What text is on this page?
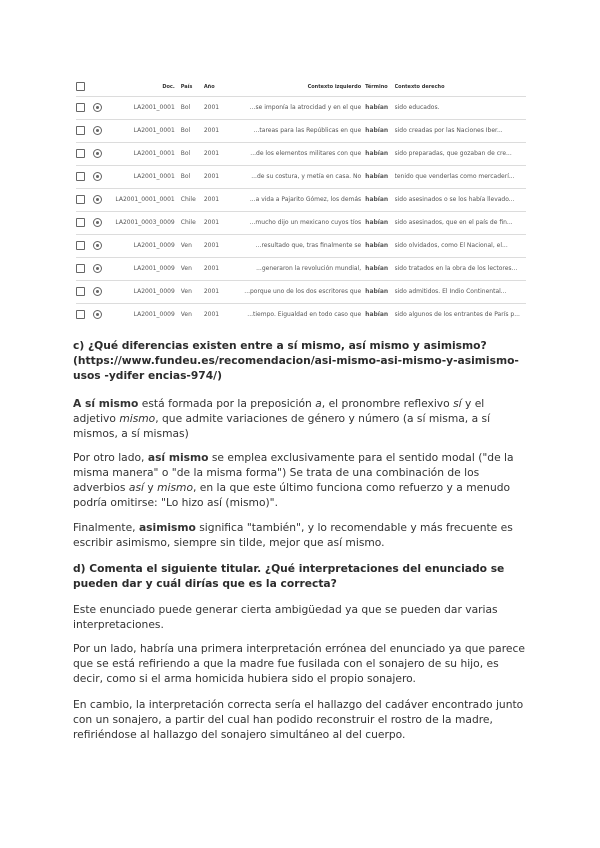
		Doc.	País	Año	Contexto izquierdo	Término	Contexto derecho
		LA2001_0001	Bol	2001	...se imponía la atrocidad y en el que	habían	sido educados.
		LA2001_0001	Bol	2001	...tareas para las Repúblicas en que	habían	sido creadas por las Naciones Iber...
		LA2001_0001	Bol	2001	...de los elementos militares con que	habían	sido preparadas, que gozaban de cre...
		LA2001_0001	Bol	2001	...de su costura, y metía en casa. No	habían	tenido que venderlas como mercaderí...
		LA2001_0001_0001	Chile	2001	...a vida a Pajarito Gómez, los demás	habían	sido asesinados o se los había llevado...
		LA2001_0003_0009	Chile	2001	...mucho dijo un mexicano cuyos tíos	habían	sido asesinados, que en el país de fin...
		LA2001_0009	Ven	2001	...resultado que, tras finalmente se	habían	sido olvidados, como El Nacional, el...
		LA2001_0009	Ven	2001	...generaron la revolución mundial,	habían	sido tratados en la obra de los lectores...
		LA2001_0009	Ven	2001	...porque uno de los dos escritores que	habían	sido admitidos. El Indio Continental...
		LA2001_0009	Ven	2001	...tiempo. Eigualdad en todo caso que	habían	sido algunos de los entrantes de París p...

c) ¿Qué diferencias existen entre a sí mismo, así mismo y asimismo? (https://www.fundeu.es/recomendacion/asi-mismo-asi-mismo-y-asimismo-usos -ydifer encias-974/)

A sí mismo está formada por la preposición a, el pronombre reflexivo sí y el adjetivo mismo, que admite variaciones de género y número (a sí misma, a sí mismos, a sí mismas)

Por otro lado, así mismo se emplea exclusivamente para el sentido modal ("de la misma manera" o "de la misma forma") Se trata de una combinación de los adverbios así y mismo, en la que este último funciona como refuerzo y a menudo podría omitirse: "Lo hizo así (mismo)".

Finalmente, asimismo significa "también", y lo recomendable y más frecuente es escribir asimismo, siempre sin tilde, mejor que así mismo.

d) Comenta el siguiente titular. ¿Qué interpretaciones del enunciado se pueden dar y cuál dirías que es la correcta?

Este enunciado puede generar cierta ambigüedad ya que se pueden dar varias interpretaciones.

Por un lado, habría una primera interpretación errónea del enunciado ya que parece que se está refiriendo a que la madre fue fusilada con el sonajero de su hijo, es decir, como si el arma homicida hubiera sido el propio sonajero.

En cambio, la interpretación correcta sería el hallazgo del cadáver encontrado junto con un sonajero, a partir del cual han podido reconstruir el rostro de la madre, refiriéndose al hallazgo del sonajero simultáneo al del cuerpo.
